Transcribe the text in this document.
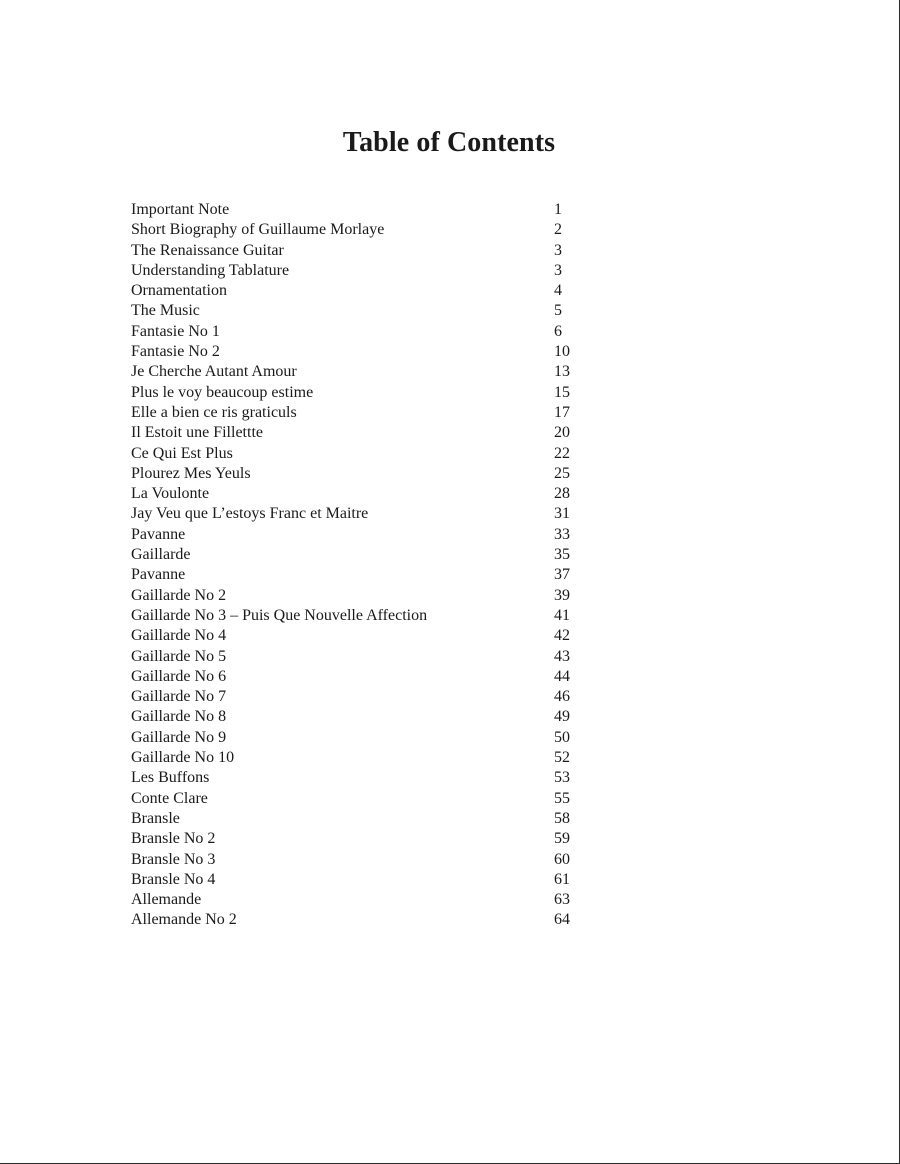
Table of Contents
Important Note	1
Short Biography of Guillaume Morlaye	2
The Renaissance Guitar	3
Understanding Tablature	3
Ornamentation	4
The Music	5
Fantasie No 1	6
Fantasie No 2	10
Je Cherche Autant Amour	13
Plus le voy beaucoup estime	15
Elle a bien ce ris graticuls	17
Il Estoit une Fillettte	20
Ce Qui Est Plus	22
Plourez Mes Yeuls	25
La Voulonte	28
Jay Veu que L’estoys Franc et Maitre	31
Pavanne	33
Gaillarde	35
Pavanne	37
Gaillarde No 2	39
Gaillarde No 3 – Puis Que Nouvelle Affection	41
Gaillarde No 4	42
Gaillarde No 5	43
Gaillarde No 6	44
Gaillarde No 7	46
Gaillarde No 8	49
Gaillarde No 9	50
Gaillarde No 10	52
Les Buffons	53
Conte Clare	55
Bransle	58
Bransle No 2	59
Bransle No 3	60
Bransle No 4	61
Allemande	63
Allemande No 2	64
